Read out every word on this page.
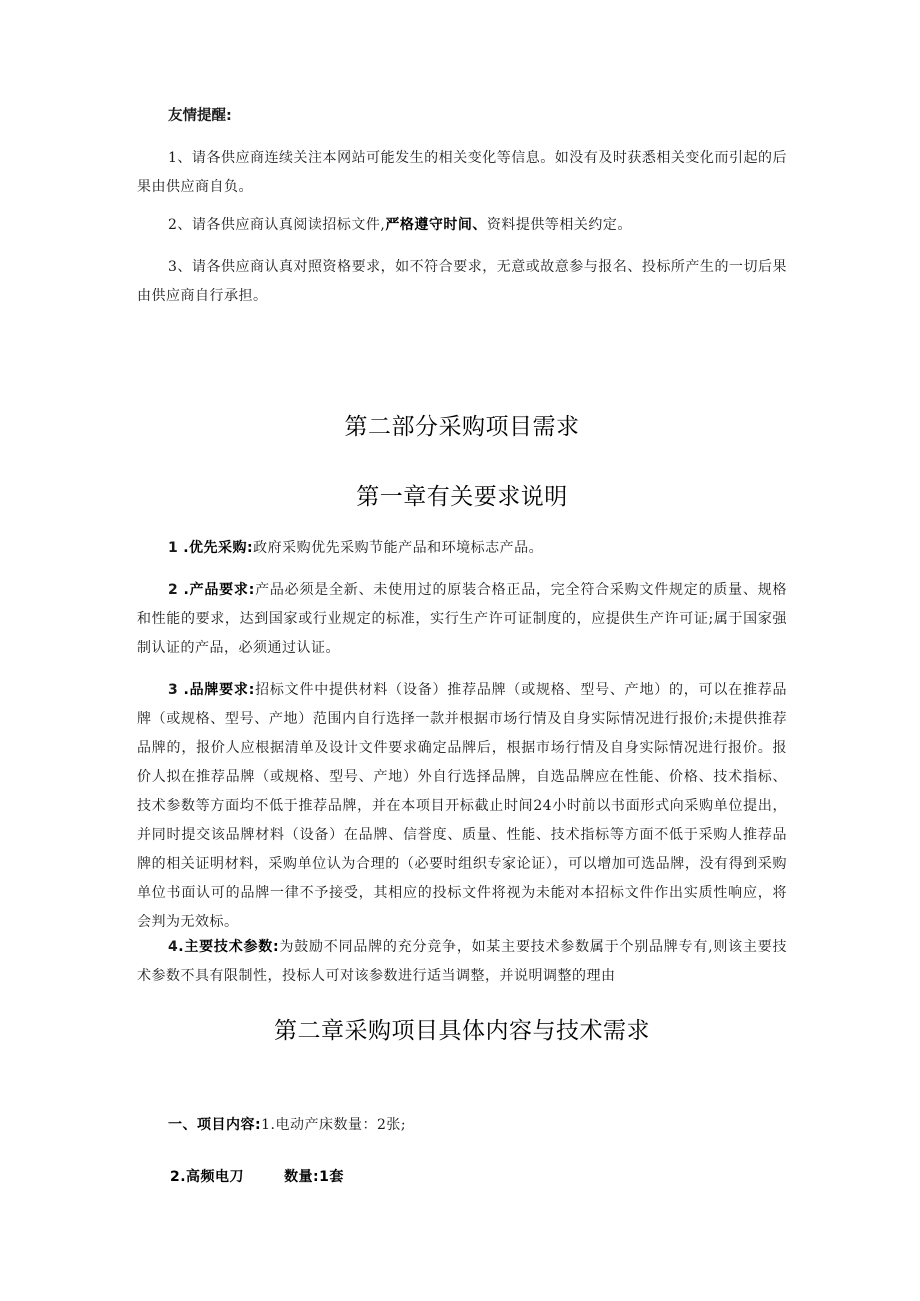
友情提醒:
1、请各供应商连续关注本网站可能发生的相关变化等信息。如没有及时获悉相关变化而引起的后果由供应商自负。
2、请各供应商认真阅读招标文件,严格遵守时间、资料提供等相关约定。
3、请各供应商认真对照资格要求，如不符合要求，无意或故意参与报名、投标所产生的一切后果由供应商自行承担。
第二部分采购项目需求
第一章有关要求说明
1 .优先采购:政府采购优先采购节能产品和环境标志产品。
2 .产品要求:产品必须是全新、未使用过的原装合格正品，完全符合采购文件规定的质量、规格和性能的要求，达到国家或行业规定的标准，实行生产许可证制度的，应提供生产许可证;属于国家强制认证的产品，必须通过认证。
3 .品牌要求:招标文件中提供材料（设备）推荐品牌（或规格、型号、产地）的，可以在推荐品牌（或规格、型号、产地）范围内自行选择一款并根据市场行情及自身实际情况进行报价;未提供推荐品牌的，报价人应根据清单及设计文件要求确定品牌后，根据市场行情及自身实际情况进行报价。报价人拟在推荐品牌（或规格、型号、产地）外自行选择品牌，自选品牌应在性能、价格、技术指标、技术参数等方面均不低于推荐品牌，并在本项目开标截止时间24小时前以书面形式向采购单位提出，并同时提交该品牌材料（设备）在品牌、信誉度、质量、性能、技术指标等方面不低于采购人推荐品牌的相关证明材料，采购单位认为合理的（必要时组织专家论证），可以增加可选品牌，没有得到采购单位书面认可的品牌一律不予接受，其相应的投标文件将视为未能对本招标文件作出实质性响应，将会判为无效标。
4.主要技术参数:为鼓励不同品牌的充分竞争，如某主要技术参数属于个别品牌专有,则该主要技术参数不具有限制性，投标人可对该参数进行适当调整，并说明调整的理由
第二章采购项目具体内容与技术需求
一、项目内容:1.电动产床数量：2张;
2.高频电刀	数量:1套
